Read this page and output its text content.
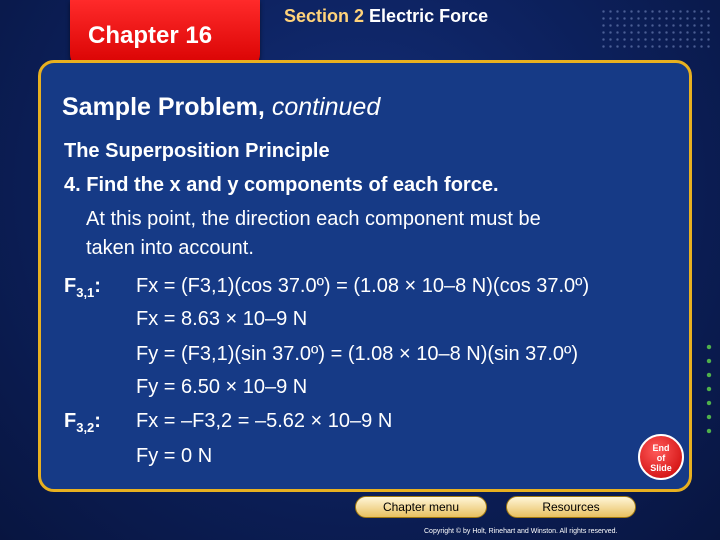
Chapter 16
Section 2 Electric Force
Sample Problem, continued
The Superposition Principle
4. Find the x and y components of each force.
At this point, the direction each component must be
taken into account.
$F_{3,1}$:
$F_{3,2}$:
Fx = (F3,1)(cos 37.0º) = (1.08 × 10–8 N)(cos 37.0º)
Fx = 8.63 × 10–9 N
Fy = (F3,1)(sin 37.0º) = (1.08 × 10–8 N)(sin 37.0º)
Fy = 6.50 × 10–9 N
Fx = –F3,2 = –5.62 × 10–9 N
Fy = 0 N	End
of
Slide
Chapter menu	Resources
Copyright © by Holt, Rinehart and Winston. All rights reserved.
